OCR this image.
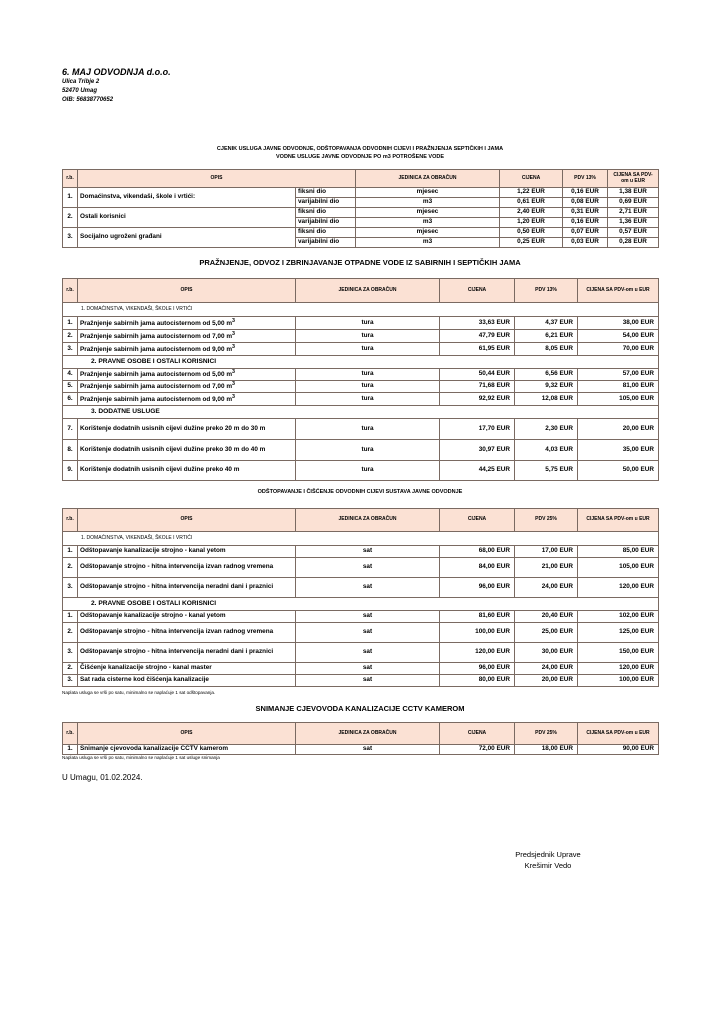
6. MAJ ODVODNJA d.o.o.
Ulica Tribje 2
52470 Umag
OIB: 56838770652
CJENIK USLUGA JAVNE ODVODNJE, ODŠTOPAVANJA ODVODNIH CIJEVI I PRAŽNJENJA SEPTIČKIH I JAMA
VODNE USLUGE JAVNE ODVODNJE PO m3 POTROŠENE VODE
r.b.	OPIS		JEDINICA ZA OBRAČUN	CIJENA	PDV 13%	CIJENA SA PDV-om u EUR
1.	Domaćinstva, vikendaši, škole i vrtići:	fiksni dio	mjesec	1,22 EUR	0,16 EUR	1,38 EUR
		varijabilni dio	m3	0,61 EUR	0,08 EUR	0,69 EUR
2.	Ostali korisnici	fiksni dio	mjesec	2,40 EUR	0,31 EUR	2,71 EUR
		varijabilni dio	m3	1,20 EUR	0,16 EUR	1,36 EUR
3.	Socijalno ugroženi građani	fiksni dio	mjesec	0,50 EUR	0,07 EUR	0,57 EUR
		varijabilni dio	m3	0,25 EUR	0,03 EUR	0,28 EUR
PRAŽNJENJE, ODVOZ I ZBRINJAVANJE OTPADNE VODE IZ SABIRNIH I SEPTIČKIH JAMA
r.b.	OPIS	JEDINICA ZA OBRAČUN	CIJENA	PDV 13%	CIJENA SA PDV-om u EUR
1. DOMAĆINSTVA, VIKENDAŠI, ŠKOLE I VRTIĆI					
1.	Pražnjenje sabirnih jama autocisternom od 5,00 $m^3$	tura	33,63 EUR	4,37 EUR	38,00 EUR
2.	Pražnjenje sabirnih jama autocisternom od 7,00 $m^3$	tura	47,79 EUR	6,21 EUR	54,00 EUR
3.	Pražnjenje sabirnih jama autocisternom od 9,00 $m^3$	tura	61,95 EUR	8,05 EUR	70,00 EUR
2. PRAVNE OSOBE I OSTALI KORISNICI					
4.	Pražnjenje sabirnih jama autocisternom od 5,00 $m^3$	tura	50,44 EUR	6,56 EUR	57,00 EUR
5.	Pražnjenje sabirnih jama autocisternom od 7,00 $m^3$	tura	71,68 EUR	9,32 EUR	81,00 EUR
6.	Pražnjenje sabirnih jama autocisternom od 9,00 $m^3$	tura	92,92 EUR	12,08 EUR	105,00 EUR
3. DODATNE USLUGE					
7.	Korištenje dodatnih usisnih cijevi dužine preko 20 m do 30 m	tura	17,70 EUR	2,30 EUR	20,00 EUR
8.	Korištenje dodatnih usisnih cijevi dužine preko 30 m do 40 m	tura	30,97 EUR	4,03 EUR	35,00 EUR
9.	Korištenje dodatnih usisnih cijevi dužine preko 40 m	tura	44,25 EUR	5,75 EUR	50,00 EUR
ODŠTOPAVANJE I ČIŠĆENJE ODVODNIH CIJEVI SUSTAVA JAVNE ODVODNJE
r.b.	OPIS	JEDINICA ZA OBRAČUN	CIJENA	PDV 25%	CIJENA SA PDV-om u EUR
1. DOMAĆINSTVA, VIKENDAŠI, ŠKOLE I VRTIĆI					
1.	Odštopavanje kanalizacije strojno - kanal yetom	sat	68,00 EUR	17,00 EUR	85,00 EUR
2.	Odštopavanje strojno - hitna intervencija izvan radnog vremena	sat	84,00 EUR	21,00 EUR	105,00 EUR
3.	Odštopavanje strojno - hitna intervencija neradni dani i praznici	sat	96,00 EUR	24,00 EUR	120,00 EUR
2. PRAVNE OSOBE I OSTALI KORISNICI					
1.	Odštopavanje kanalizacije strojno - kanal yetom	sat	81,60 EUR	20,40 EUR	102,00 EUR
2.	Odštopavanje strojno - hitna intervencija izvan radnog vremena	sat	100,00 EUR	25,00 EUR	125,00 EUR
3.	Odštopavanje strojno - hitna intervencija neradni dani i praznici	sat	120,00 EUR	30,00 EUR	150,00 EUR
2.	Čišćenje kanalizacije strojno - kanal master	sat	96,00 EUR	24,00 EUR	120,00 EUR
3.	Sat rada cisterne kod čišćenja kanalizacije	sat	80,00 EUR	20,00 EUR	100,00 EUR
Naplata usluga se vrši po satu, minimalno se naplaćuje 1 sat odštopavanja.
SNIMANJE CJEVOVODA KANALIZACIJE CCTV KAMEROM
r.b.	OPIS	JEDINICA ZA OBRAČUN	CIJENA	PDV 25%	CIJENA SA PDV-om u EUR
1.	Snimanje cjevovoda kanalizacije CCTV kamerom	sat	72,00 EUR	18,00 EUR	90,00 EUR
Naplata usluga se vrši po satu, minimalno se naplaćuje 1 sat usluge snimanja
U Umagu, 01.02.2024.
Predsjednik Uprave
Krešimir Vedo
